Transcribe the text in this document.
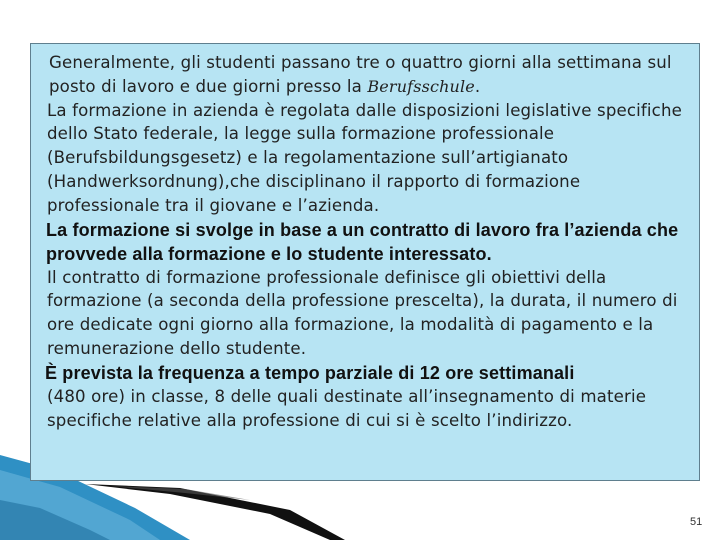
Generalmente, gli studenti passano tre o quattro giorni alla settimana sul posto di lavoro e due giorni presso la Berufsschule.

La formazione in azienda è regolata dalle disposizioni legislative specifiche dello Stato federale, la legge sulla formazione professionale (Berufsbildungsgesetz) e la regolamentazione sull’artigianato (Handwerksordnung),che disciplinano il rapporto di formazione professionale tra il giovane e l’azienda.

La formazione si svolge in base a un contratto di lavoro fra l’azienda che provvede alla formazione e lo studente interessato.

Il contratto di formazione professionale definisce gli obiettivi della formazione (a seconda della professione prescelta), la durata, il numero di ore dedicate ogni giorno alla formazione, la modalità di pagamento e la remunerazione dello studente.

È prevista la frequenza a tempo parziale di 12 ore settimanali

(480 ore) in classe, 8 delle quali destinate all’insegnamento di materie specifiche relative alla professione di cui si è scelto l’indirizzo.

51
